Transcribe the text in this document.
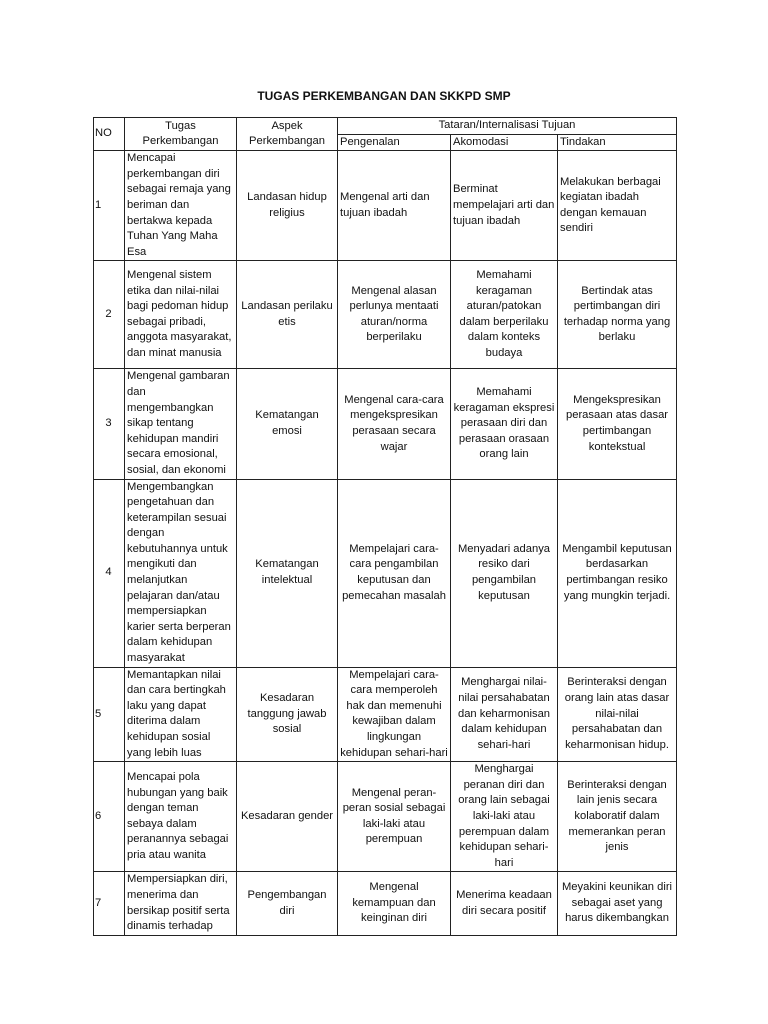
TUGAS PERKEMBANGAN DAN SKKPD SMP
NO	Tugas Perkembangan	Aspek Perkembangan	Tataran/Internalisasi Tujuan		
			Pengenalan	Akomodasi	Tindakan
1	Mencapai perkembangan diri sebagai remaja yang beriman dan bertakwa kepada Tuhan Yang Maha Esa	Landasan hidup religius	Mengenal arti dan tujuan ibadah	Berminat mempelajari arti dan tujuan ibadah	Melakukan berbagai kegiatan ibadah dengan kemauan sendiri
2	Mengenal sistem etika dan nilai-nilai bagi pedoman hidup sebagai pribadi, anggota masyarakat, dan minat manusia	Landasan perilaku etis	Mengenal alasan perlunya mentaati aturan/norma berperilaku	Memahami keragaman aturan/patokan dalam berperilaku dalam konteks budaya	Bertindak atas pertimbangan diri terhadap norma yang berlaku
3	Mengenal gambaran dan mengembangkan sikap tentang kehidupan mandiri secara emosional, sosial, dan ekonomi	Kematangan emosi	Mengenal cara-cara mengekspresikan perasaan secara wajar	Memahami keragaman ekspresi perasaan diri dan perasaan orasaan orang lain	Mengekspresikan perasaan atas dasar pertimbangan kontekstual
4	Mengembangkan pengetahuan dan keterampilan sesuai dengan kebutuhannya untuk mengikuti dan melanjutkan pelajaran dan/atau mempersiapkan karier serta berperan dalam kehidupan masyarakat	Kematangan intelektual	Mempelajari cara-cara pengambilan keputusan dan pemecahan masalah	Menyadari adanya resiko dari pengambilan keputusan	Mengambil keputusan berdasarkan pertimbangan resiko yang mungkin terjadi.
5	Memantapkan nilai dan cara bertingkah laku yang dapat diterima dalam kehidupan sosial yang lebih luas	Kesadaran tanggung jawab sosial	Mempelajari cara-cara memperoleh hak dan memenuhi kewajiban dalam lingkungan kehidupan sehari-hari	Menghargai nilai-nilai persahabatan dan keharmonisan dalam kehidupan sehari-hari	Berinteraksi dengan orang lain atas dasar nilai-nilai persahabatan dan keharmonisan hidup.
6	Mencapai pola hubungan yang baik dengan teman sebaya dalam peranannya sebagai pria atau wanita	Kesadaran gender	Mengenal peran-peran sosial sebagai laki-laki atau perempuan	Menghargai peranan diri dan orang lain sebagai laki-laki atau perempuan dalam kehidupan sehari-hari	Berinteraksi dengan lain jenis secara kolaboratif dalam memerankan peran jenis
7	Mempersiapkan diri, menerima dan bersikap positif serta dinamis terhadap	Pengembangan diri	Mengenal kemampuan dan keinginan diri	Menerima keadaan diri secara positif	Meyakini keunikan diri sebagai aset yang harus dikembangkan
